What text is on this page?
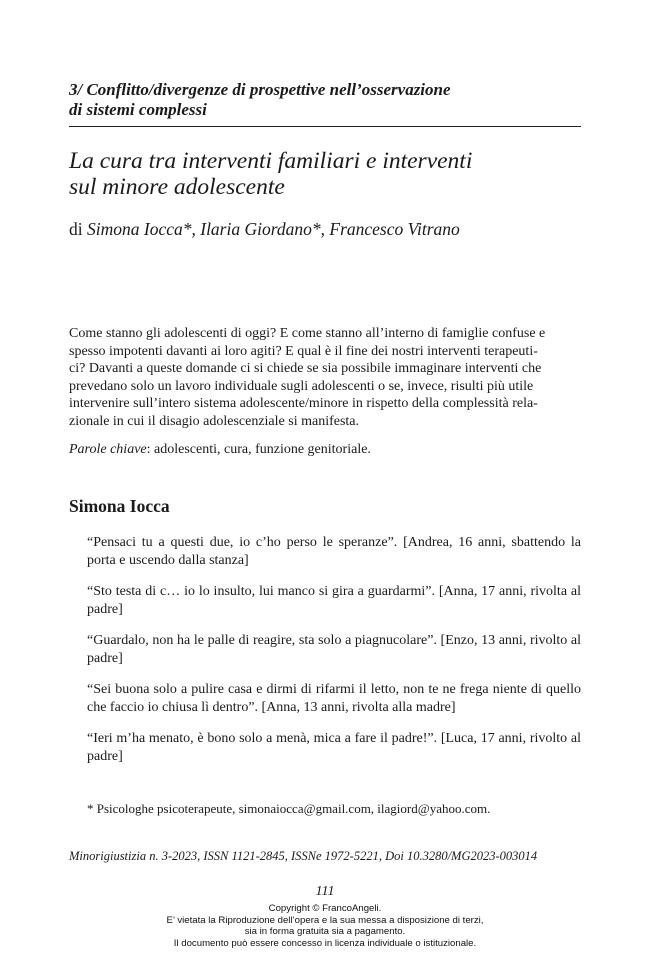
3/ Conflitto/divergenze di prospettive nell’osservazione
di sistemi complessi
La cura tra interventi familiari e interventi
sul minore adolescente
di Simona Iocca*, Ilaria Giordano*, Francesco Vitrano
Come stanno gli adolescenti di oggi? E come stanno all’interno di famiglie confuse e
spesso impotenti davanti ai loro agiti? E qual è il fine dei nostri interventi terapeuti-
ci? Davanti a queste domande ci si chiede se sia possibile immaginare interventi che
prevedano solo un lavoro individuale sugli adolescenti o se, invece, risulti più utile
intervenire sull’intero sistema adolescente/minore in rispetto della complessità rela-
zionale in cui il disagio adolescenziale si manifesta.
Parole chiave: adolescenti, cura, funzione genitoriale.
Simona Iocca

“Pensaci tu a questi due, io c’ho perso le speranze”. [Andrea, 16 anni, sbattendo la porta e uscendo dalla stanza]

“Sto testa di c… io lo insulto, lui manco si gira a guardarmi”. [Anna, 17 anni, rivolta al padre]

“Guardalo, non ha le palle di reagire, sta solo a piagnucolare”. [Enzo, 13 anni, rivolto al padre]

“Sei buona solo a pulire casa e dirmi di rifarmi il letto, non te ne frega niente di quello che faccio io chiusa lì dentro”. [Anna, 13 anni, rivolta alla madre]

“Ieri m’ha menato, è bono solo a menà, mica a fare il padre!”. [Luca, 17 anni, rivolto al padre]

* Psicologhe psicoterapeute, simonaiocca@gmail.com, ilagiord@yahoo.com.
Minorigiustizia n. 3-2023, ISSN 1121-2845, ISSNe 1972-5221, Doi 10.3280/MG2023-003014
111
Copyright © FrancoAngeli.
E’ vietata la Riproduzione dell’opera e la sua messa a disposizione di terzi,
sia in forma gratuita sia a pagamento.
Il documento può essere concesso in licenza individuale o istituzionale.
